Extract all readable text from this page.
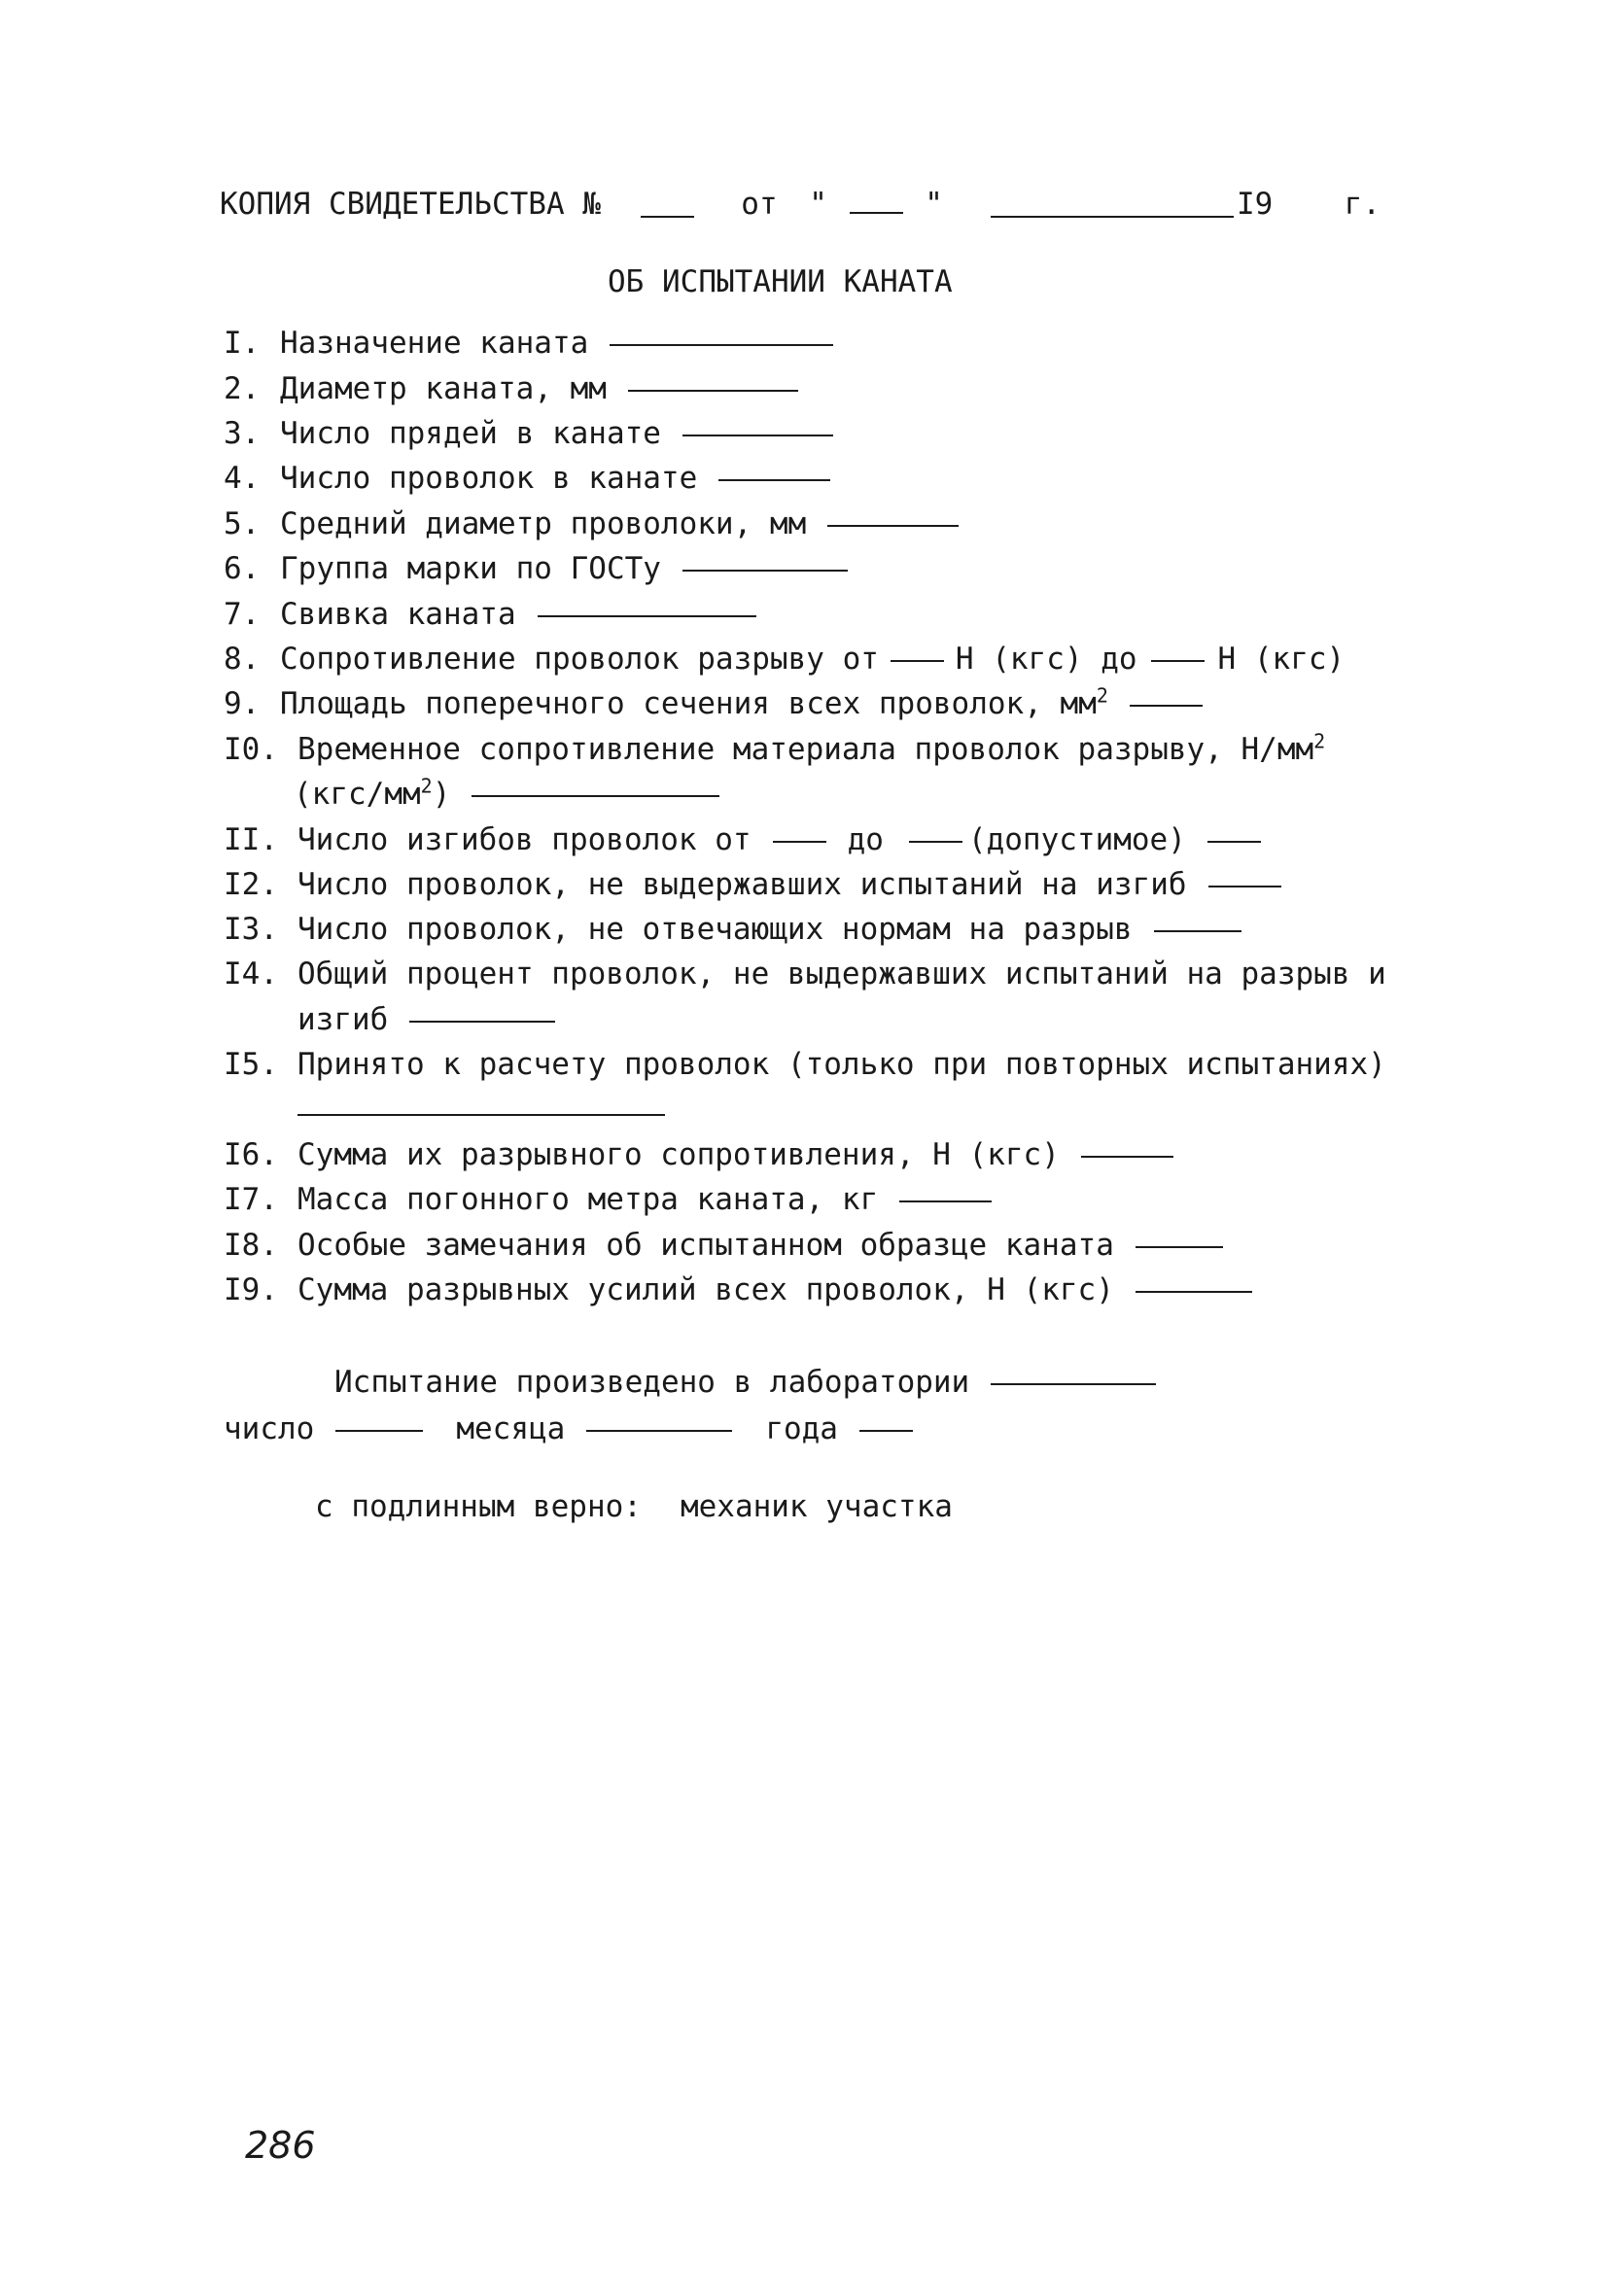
КОПИЯ СВИДЕТЕЛЬСТВА №	от "	"	I9 г.
ОБ ИСПЫТАНИИ КАНАТА
I. Назначение каната
2. Диаметр каната, мм
3. Число прядей в канате
4. Число проволок в канате
5. Средний диаметр проволоки, мм
6. Группа марки по ГОСТу
7. Свивка каната
8. Сопротивление проволок разрыву от	Н (кгс) до	Н (кгс)
9. Площадь поперечного сечения всех проволок, $мм^2$
I0. Временное сопротивление материала проволок разрыву, $Н/мм^2$
$(кгс/мм^2)$
II. Число изгибов проволок от	до	(допустимое)
I2. Число проволок, не выдержавших испытаний на изгиб
I3. Число проволок, не отвечающих нормам на разрыв
I4. Общий процент проволок, не выдержавших испытаний на разрыв и
изгиб
I5. Принято к расчету проволок (только при повторных испытаниях)
I6. Сумма их разрывного сопротивления, Н (кгс)
I7. Масса погонного метра каната, кг
I8. Особые замечания об испытанном образце каната
I9. Сумма разрывных усилий всех проволок, Н (кгс)
Испытание произведено в лаборатории
число	месяца	года
с подлинным верно: механик участка
286
